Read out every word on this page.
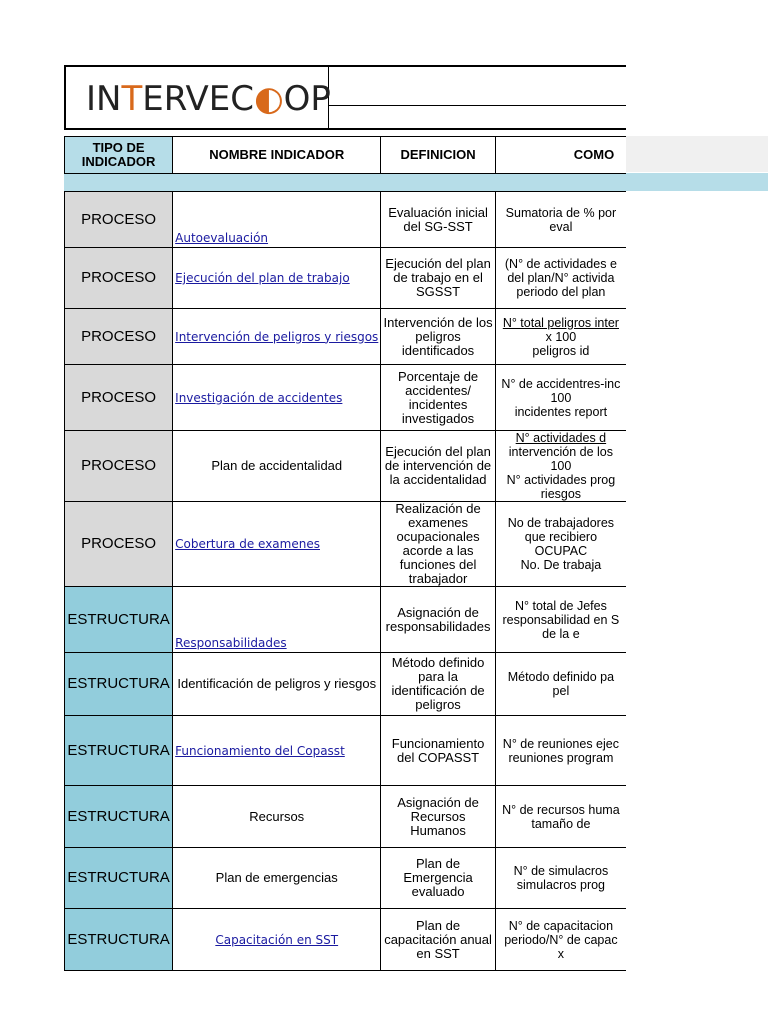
IN T ERVEC ◐ OP
TIPO DE INDICADOR	NOMBRE INDICADOR	DEFINICION	COMO

PROCESO	Autoevaluación	Evaluación inicial del SG-SST	Sumatoria de % por
eval

PROCESO	Ejecución del plan de trabajo	Ejecución del plan de trabajo en el SGSST	(N° de actividades e
del plan/N° activida
periodo del plan

PROCESO	Intervención de peligros y riesgos	Intervención de los peligros identificados	N° total peligros inter
x 100
peligros id

PROCESO	Investigación de accidentes	Porcentaje de accidentes/ incidentes investigados	N° de accidentres-inc
100
incidentes report

PROCESO	Plan de accidentalidad	Ejecución del plan de intervención de la accidentalidad	N° actividades d
intervención de los
100
N° actividades prog
riesgos

PROCESO	Cobertura de examenes	Realización de examenes ocupacionales acorde a las funciones del trabajador	No de trabajadores
que recibiero
OCUPAC
No. De trabaja

ESTRUCTURA	Responsabilidades	Asignación de responsabilidades	N° total de Jefes
responsabilidad en S
de la e

ESTRUCTURA	Identificación de peligros y riesgos	Método definido para la identificación de peligros	Método definido pa
pel

ESTRUCTURA	Funcionamiento del Copasst	Funcionamiento del COPASST	N° de reuniones ejec
reuniones program

ESTRUCTURA	Recursos	Asignación de Recursos Humanos	N° de recursos huma
tamaño de

ESTRUCTURA	Plan de emergencias	Plan de Emergencia evaluado	N° de simulacros
simulacros prog

ESTRUCTURA	Capacitación en SST	Plan de capacitación anual en SST	N° de capacitacion
periodo/N° de capac
x
